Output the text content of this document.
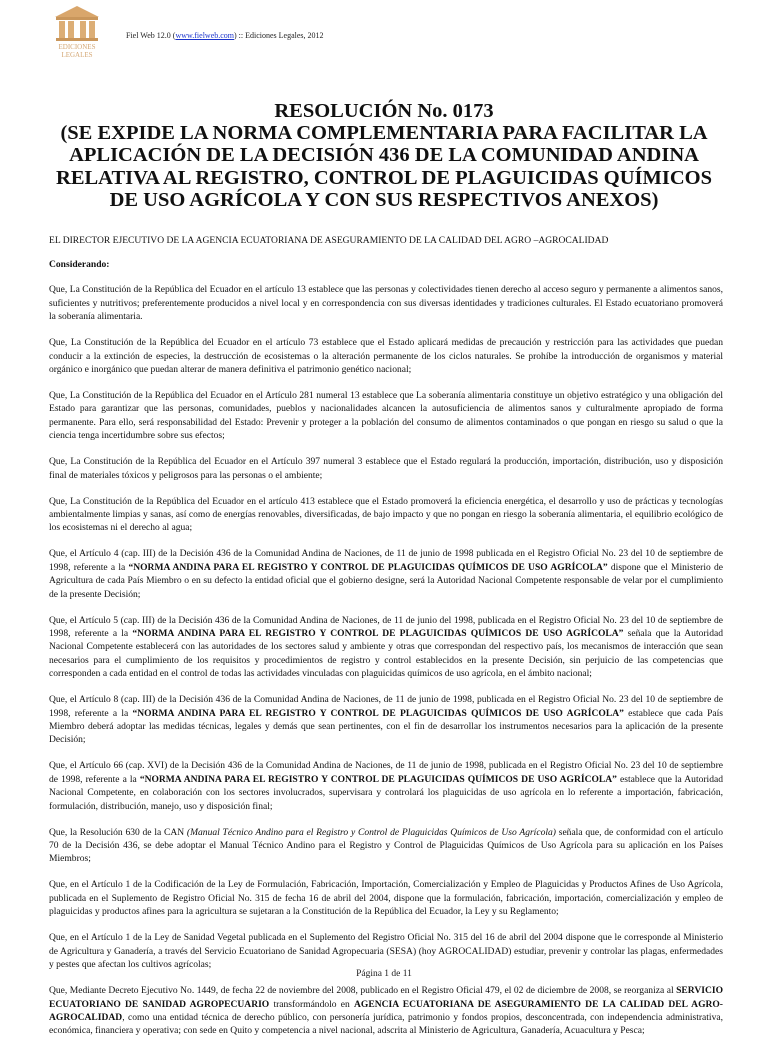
EDICIONES
LEGALES
Fiel Web 12.0 (www.fielweb.com) :: Ediciones Legales, 2012
RESOLUCIÓN No. 0173
(SE EXPIDE LA NORMA COMPLEMENTARIA PARA FACILITAR LA APLICACIÓN DE LA DECISIÓN 436 DE LA COMUNIDAD ANDINA RELATIVA AL REGISTRO, CONTROL DE PLAGUICIDAS QUÍMICOS DE USO AGRÍCOLA Y CON SUS RESPECTIVOS ANEXOS)

EL DIRECTOR EJECUTIVO DE LA AGENCIA ECUATORIANA DE ASEGURAMIENTO DE LA CALIDAD DEL AGRO –AGROCALIDAD

Considerando:

Que, La Constitución de la República del Ecuador en el artículo 13 establece que las personas y colectividades tienen derecho al acceso seguro y permanente a alimentos sanos, suficientes y nutritivos; preferentemente producidos a nivel local y en correspondencia con sus diversas identidades y tradiciones culturales. El Estado ecuatoriano promoverá la soberanía alimentaria.

Que, La Constitución de la República del Ecuador en el artículo 73 establece que el Estado aplicará medidas de precaución y restricción para las actividades que puedan conducir a la extinción de especies, la destrucción de ecosistemas o la alteración permanente de los ciclos naturales. Se prohíbe la introducción de organismos y material orgánico e inorgánico que puedan alterar de manera definitiva el patrimonio genético nacional;

Que, La Constitución de la República del Ecuador en el Artículo 281 numeral 13 establece que La soberanía alimentaria constituye un objetivo estratégico y una obligación del Estado para garantizar que las personas, comunidades, pueblos y nacionalidades alcancen la autosuficiencia de alimentos sanos y culturalmente apropiado de forma permanente. Para ello, será responsabilidad del Estado: Prevenir y proteger a la población del consumo de alimentos contaminados o que pongan en riesgo su salud o que la ciencia tenga incertidumbre sobre sus efectos;

Que, La Constitución de la República del Ecuador en el Artículo 397 numeral 3 establece que el Estado regulará la producción, importación, distribución, uso y disposición final de materiales tóxicos y peligrosos para las personas o el ambiente;

Que, La Constitución de la República del Ecuador en el artículo 413 establece que el Estado promoverá la eficiencia energética, el desarrollo y uso de prácticas y tecnologías ambientalmente limpias y sanas, así como de energías renovables, diversificadas, de bajo impacto y que no pongan en riesgo la soberanía alimentaria, el equilibrio ecológico de los ecosistemas ni el derecho al agua;

Que, el Artículo 4 (cap. III) de la Decisión 436 de la Comunidad Andina de Naciones, de 11 de junio de 1998 publicada en el Registro Oficial No. 23 del 10 de septiembre de 1998, referente a la “NORMA ANDINA PARA EL REGISTRO Y CONTROL DE PLAGUICIDAS QUÍMICOS DE USO AGRÍCOLA” dispone que el Ministerio de Agricultura de cada País Miembro o en su defecto la entidad oficial que el gobierno designe, será la Autoridad Nacional Competente responsable de velar por el cumplimiento de la presente Decisión;

Que, el Artículo 5 (cap. III) de la Decisión 436 de la Comunidad Andina de Naciones, de 11 de junio del 1998, publicada en el Registro Oficial No. 23 del 10 de septiembre de 1998, referente a la “NORMA ANDINA PARA EL REGISTRO Y CONTROL DE PLAGUICIDAS QUÍMICOS DE USO AGRÍCOLA” señala que la Autoridad Nacional Competente establecerá con las autoridades de los sectores salud y ambiente y otras que correspondan del respectivo país, los mecanismos de interacción que sean necesarios para el cumplimiento de los requisitos y procedimientos de registro y control establecidos en la presente Decisión, sin perjuicio de las competencias que corresponden a cada entidad en el control de todas las actividades vinculadas con plaguicidas químicos de uso agrícola, en el ámbito nacional;

Que, el Artículo 8 (cap. III) de la Decisión 436 de la Comunidad Andina de Naciones, de 11 de junio de 1998, publicada en el Registro Oficial No. 23 del 10 de septiembre de 1998, referente a la “NORMA ANDINA PARA EL REGISTRO Y CONTROL DE PLAGUICIDAS QUÍMICOS DE USO AGRÍCOLA” establece que cada País Miembro deberá adoptar las medidas técnicas, legales y demás que sean pertinentes, con el fin de desarrollar los instrumentos necesarios para la aplicación de la presente Decisión;

Que, el Artículo 66 (cap. XVI) de la Decisión 436 de la Comunidad Andina de Naciones, de 11 de junio de 1998, publicada en el Registro Oficial No. 23 del 10 de septiembre de 1998, referente a la “NORMA ANDINA PARA EL REGISTRO Y CONTROL DE PLAGUICIDAS QUÍMICOS DE USO AGRÍCOLA” establece que la Autoridad Nacional Competente, en colaboración con los sectores involucrados, supervisara y controlará los plaguicidas de uso agrícola en lo referente a importación, fabricación, formulación, distribución, manejo, uso y disposición final;

Que, la Resolución 630 de la CAN (Manual Técnico Andino para el Registro y Control de Plaguicidas Químicos de Uso Agrícola) señala que, de conformidad con el artículo 70 de la Decisión 436, se debe adoptar el Manual Técnico Andino para el Registro y Control de Plaguicidas Químicos de Uso Agrícola para su aplicación en los Países Miembros;

Que, en el Artículo 1 de la Codificación de la Ley de Formulación, Fabricación, Importación, Comercialización y Empleo de Plaguicidas y Productos Afines de Uso Agrícola, publicada en el Suplemento de Registro Oficial No. 315 de fecha 16 de abril del 2004, dispone que la formulación, fabricación, importación, comercialización y empleo de plaguicidas y productos afines para la agricultura se sujetaran a la Constitución de la República del Ecuador, la Ley y su Reglamento;

Que, en el Artículo 1 de la Ley de Sanidad Vegetal publicada en el Suplemento del Registro Oficial No. 315 del 16 de abril del 2004 dispone que le corresponde al Ministerio de Agricultura y Ganadería, a través del Servicio Ecuatoriano de Sanidad Agropecuaria (SESA) (hoy AGROCALIDAD) estudiar, prevenir y controlar las plagas, enfermedades y pestes que afectan los cultivos agrícolas;

Que, Mediante Decreto Ejecutivo No. 1449, de fecha 22 de noviembre del 2008, publicado en el Registro Oficial 479, el 02 de diciembre de 2008, se reorganiza al SERVICIO ECUATORIANO DE SANIDAD AGROPECUARIO transformándolo en AGENCIA ECUATORIANA DE ASEGURAMIENTO DE LA CALIDAD DEL AGRO- AGROCALIDAD, como una entidad técnica de derecho público, con personería jurídica, patrimonio y fondos propios, desconcentrada, con independencia administrativa, económica, financiera y operativa; con sede en Quito y competencia a nivel nacional, adscrita al Ministerio de Agricultura, Ganadería, Acuacultura y Pesca;

Página 1 de 11
